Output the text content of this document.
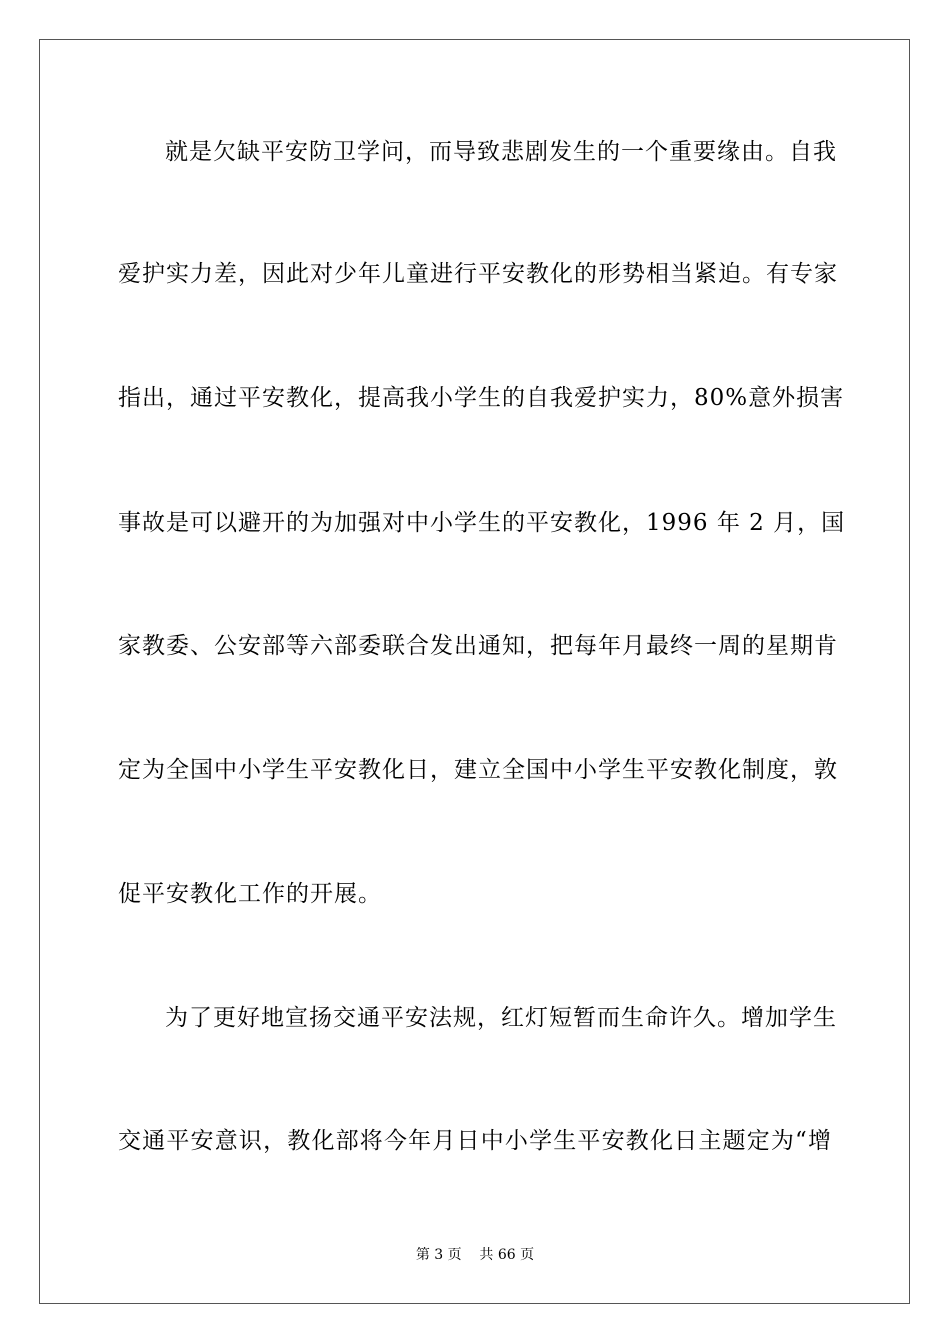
就是欠缺平安防卫学问，而导致悲剧发生的一个重要缘由。自我
爱护实力差，因此对少年儿童进行平安教化的形势相当紧迫。有专家
指出，通过平安教化，提高我小学生的自我爱护实力，80%意外损害
事故是可以避开的为加强对中小学生的平安教化，1996 年 2 月，国
家教委、公安部等六部委联合发出通知，把每年月最终一周的星期肯
定为全国中小学生平安教化日，建立全国中小学生平安教化制度，敦
促平安教化工作的开展。
为了更好地宣扬交通平安法规，红灯短暂而生命许久。增加学生
交通平安意识，教化部将今年月日中小学生平安教化日主题定为“增
第 3 页    共 66 页
